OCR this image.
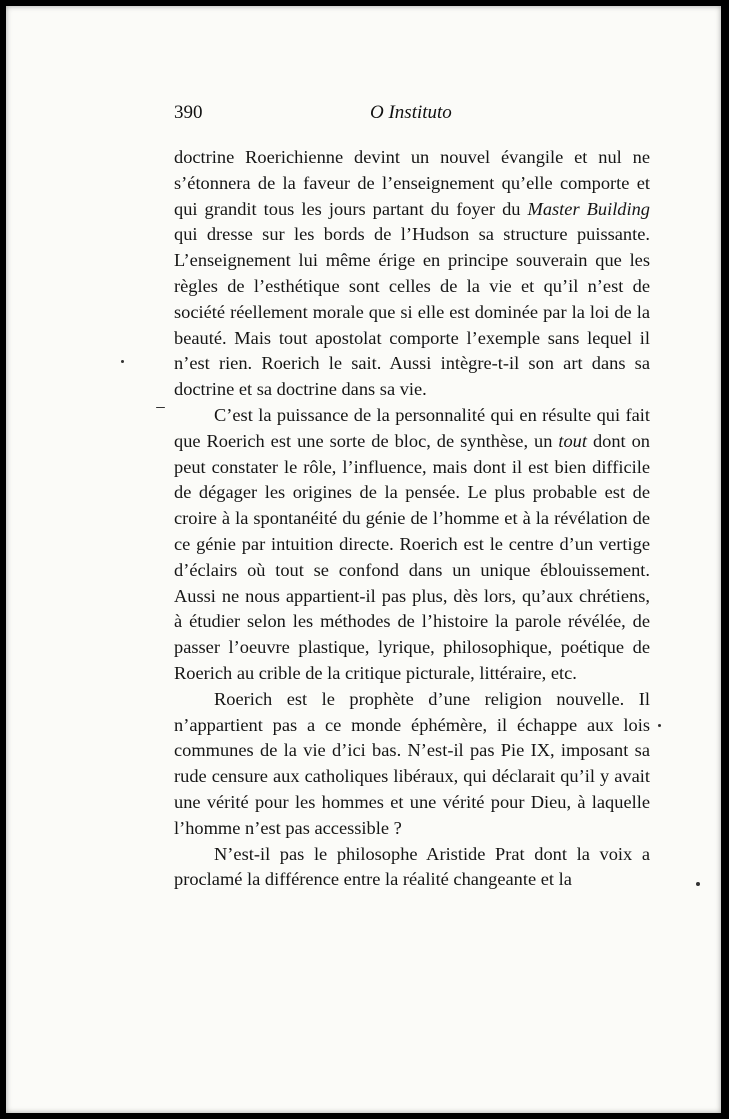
390	O Instituto

doctrine Roerichienne devint un nouvel évangile et nul ne s’étonnera de la faveur de l’enseignement qu’elle comporte et qui grandit tous les jours partant du foyer du Master Building qui dresse sur les bords de l’Hudson sa structure puissante. L’enseignement lui même érige en principe souverain que les règles de l’esthétique sont celles de la vie et qu’il n’est de société réellement morale que si elle est dominée par la loi de la beauté. Mais tout apostolat comporte l’exemple sans lequel il n’est rien. Roerich le sait. Aussi intègre-t-il son art dans sa doctrine et sa doctrine dans sa vie.

C’est la puissance de la personnalité qui en résulte qui fait que Roerich est une sorte de bloc, de synthèse, un tout dont on peut constater le rôle, l’influence, mais dont il est bien difficile de dégager les origines de la pensée. Le plus probable est de croire à la spontanéité du génie de l’homme et à la révélation de ce génie par intuition directe. Roerich est le centre d’un vertige d’éclairs où tout se confond dans un unique éblouissement. Aussi ne nous appartient-il pas plus, dès lors, qu’aux chrétiens, à étudier selon les méthodes de l’histoire la parole révélée, de passer l’oeuvre plastique, lyrique, philosophique, poétique de Roerich au crible de la critique picturale, littéraire, etc.

Roerich est le prophète d’une religion nouvelle. Il n’appartient pas a ce monde éphémère, il échappe aux lois communes de la vie d’ici bas. N’est-il pas Pie IX, imposant sa rude censure aux catholiques libéraux, qui déclarait qu’il y avait une vérité pour les hommes et une vérité pour Dieu, à laquelle l’homme n’est pas accessible ?

N’est-il pas le philosophe Aristide Prat dont la voix a proclamé la différence entre la réalité changeante et la
